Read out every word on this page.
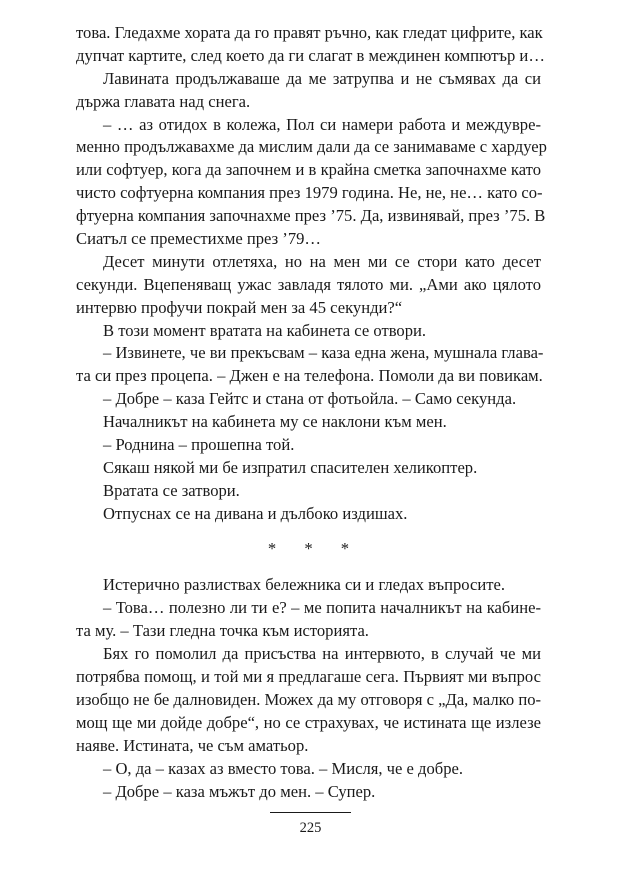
това. Гледахме хората да го правят ръчно, как гледат цифрите, как
дупчат картите, след което да ги слагат в междинен компютър и…
Лавината продължаваше да ме затрупва и не съмявах да си
държа главата над снега.
– … аз отидох в колежа, Пол си намери работа и междувре-
менно продължавахме да мислим дали да се занимаваме с хардуер
или софтуер, кога да започнем и в крайна сметка започнахме като
чисто софтуерна компания през 1979 година. Не, не, не… като со-
фтуерна компания започнахме през ’75. Да, извинявай, през ’75. В
Сиатъл се преместихме през ’79…
Десет минути отлетяха, но на мен ми се стори като десет
секунди. Вцепеняващ ужас завладя тялото ми. „Ами ако цялото
интервю профучи покрай мен за 45 секунди?“
В този момент вратата на кабинета се отвори.
– Извинете, че ви прекъсвам – каза една жена, мушнала глава-
та си през процепа. – Джен е на телефона. Помоли да ви повикам.
– Добре – каза Гейтс и стана от фотьойла. – Само секунда.
Началникът на кабинета му се наклони към мен.
– Роднина – прошепна той.
Сякаш някой ми бе изпратил спасителен хеликоптер.
Вратата се затвори.
Отпуснах се на дивана и дълбоко издишах.
* * *
Истерично разлиствах бележника си и гледах въпросите.
– Това… полезно ли ти е? – ме попита началникът на кабине-
та му. – Тази гледна точка към историята.
Бях го помолил да присъства на интервюто, в случай че ми
потрябва помощ, и той ми я предлагаше сега. Първият ми въпрос
изобщо не бе далновиден. Можех да му отговоря с „Да, малко по-
мощ ще ми дойде добре“, но се страхувах, че истината ще излезе
наяве. Истината, че съм аматьор.
– О, да – казах аз вместо това. – Мисля, че е добре.
– Добре – каза мъжът до мен. – Супер.
225
